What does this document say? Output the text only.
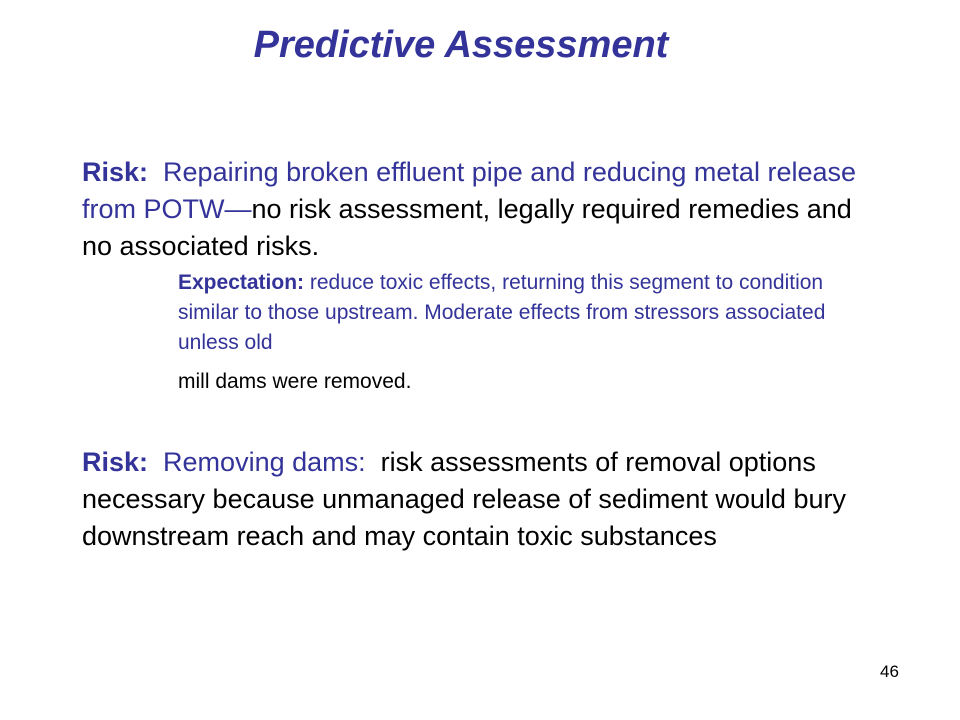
Predictive Assessment

Risk: Repairing broken effluent pipe and reducing metal release from POTW—no risk assessment, legally required remedies and no associated risks.

Expectation: reduce toxic effects, returning this segment to condition similar to those upstream. Moderate effects from stressors associated unless old
mill dams were removed.

Risk: Removing dams: risk assessments of removal options necessary because unmanaged release of sediment would bury downstream reach and may contain toxic substances

46
